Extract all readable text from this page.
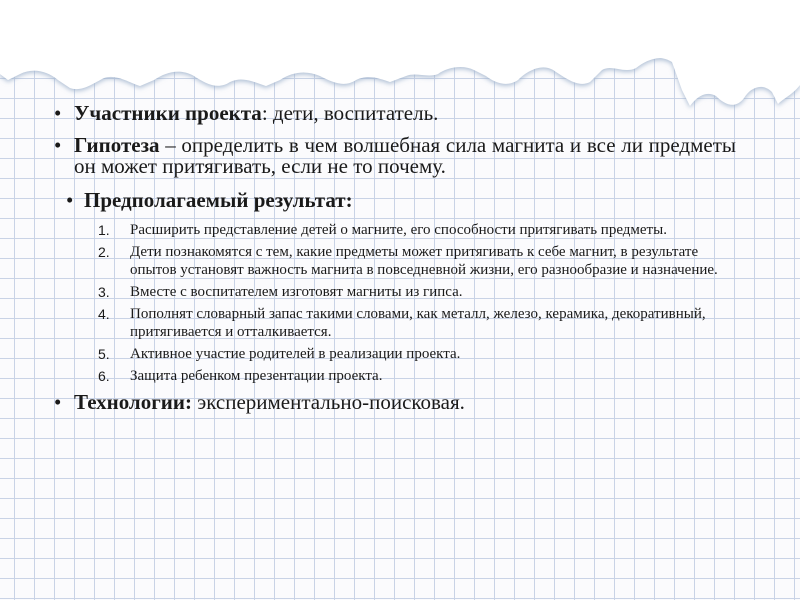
• Участники проекта: дети, воспитатель.

• Гипотеза – определить в чем волшебная сила магнита и все ли предметы он может притягивать, если не то почему.

• Предполагаемый результат:

1. Расширить представление детей о магните, его способности притягивать предметы.
2. Дети познакомятся с тем, какие предметы может притягивать к себе магнит, в результате опытов установят важность магнита в повседневной жизни, его разнообразие и назначение.
3. Вместе с воспитателем изготовят магниты из гипса.
4. Пополнят словарный запас такими словами, как металл, железо, керамика, декоративный, притягивается и отталкивается.
5. Активное участие родителей в реализации проекта.
6. Защита ребенком презентации проекта.

• Технологии: экспериментально-поисковая.
